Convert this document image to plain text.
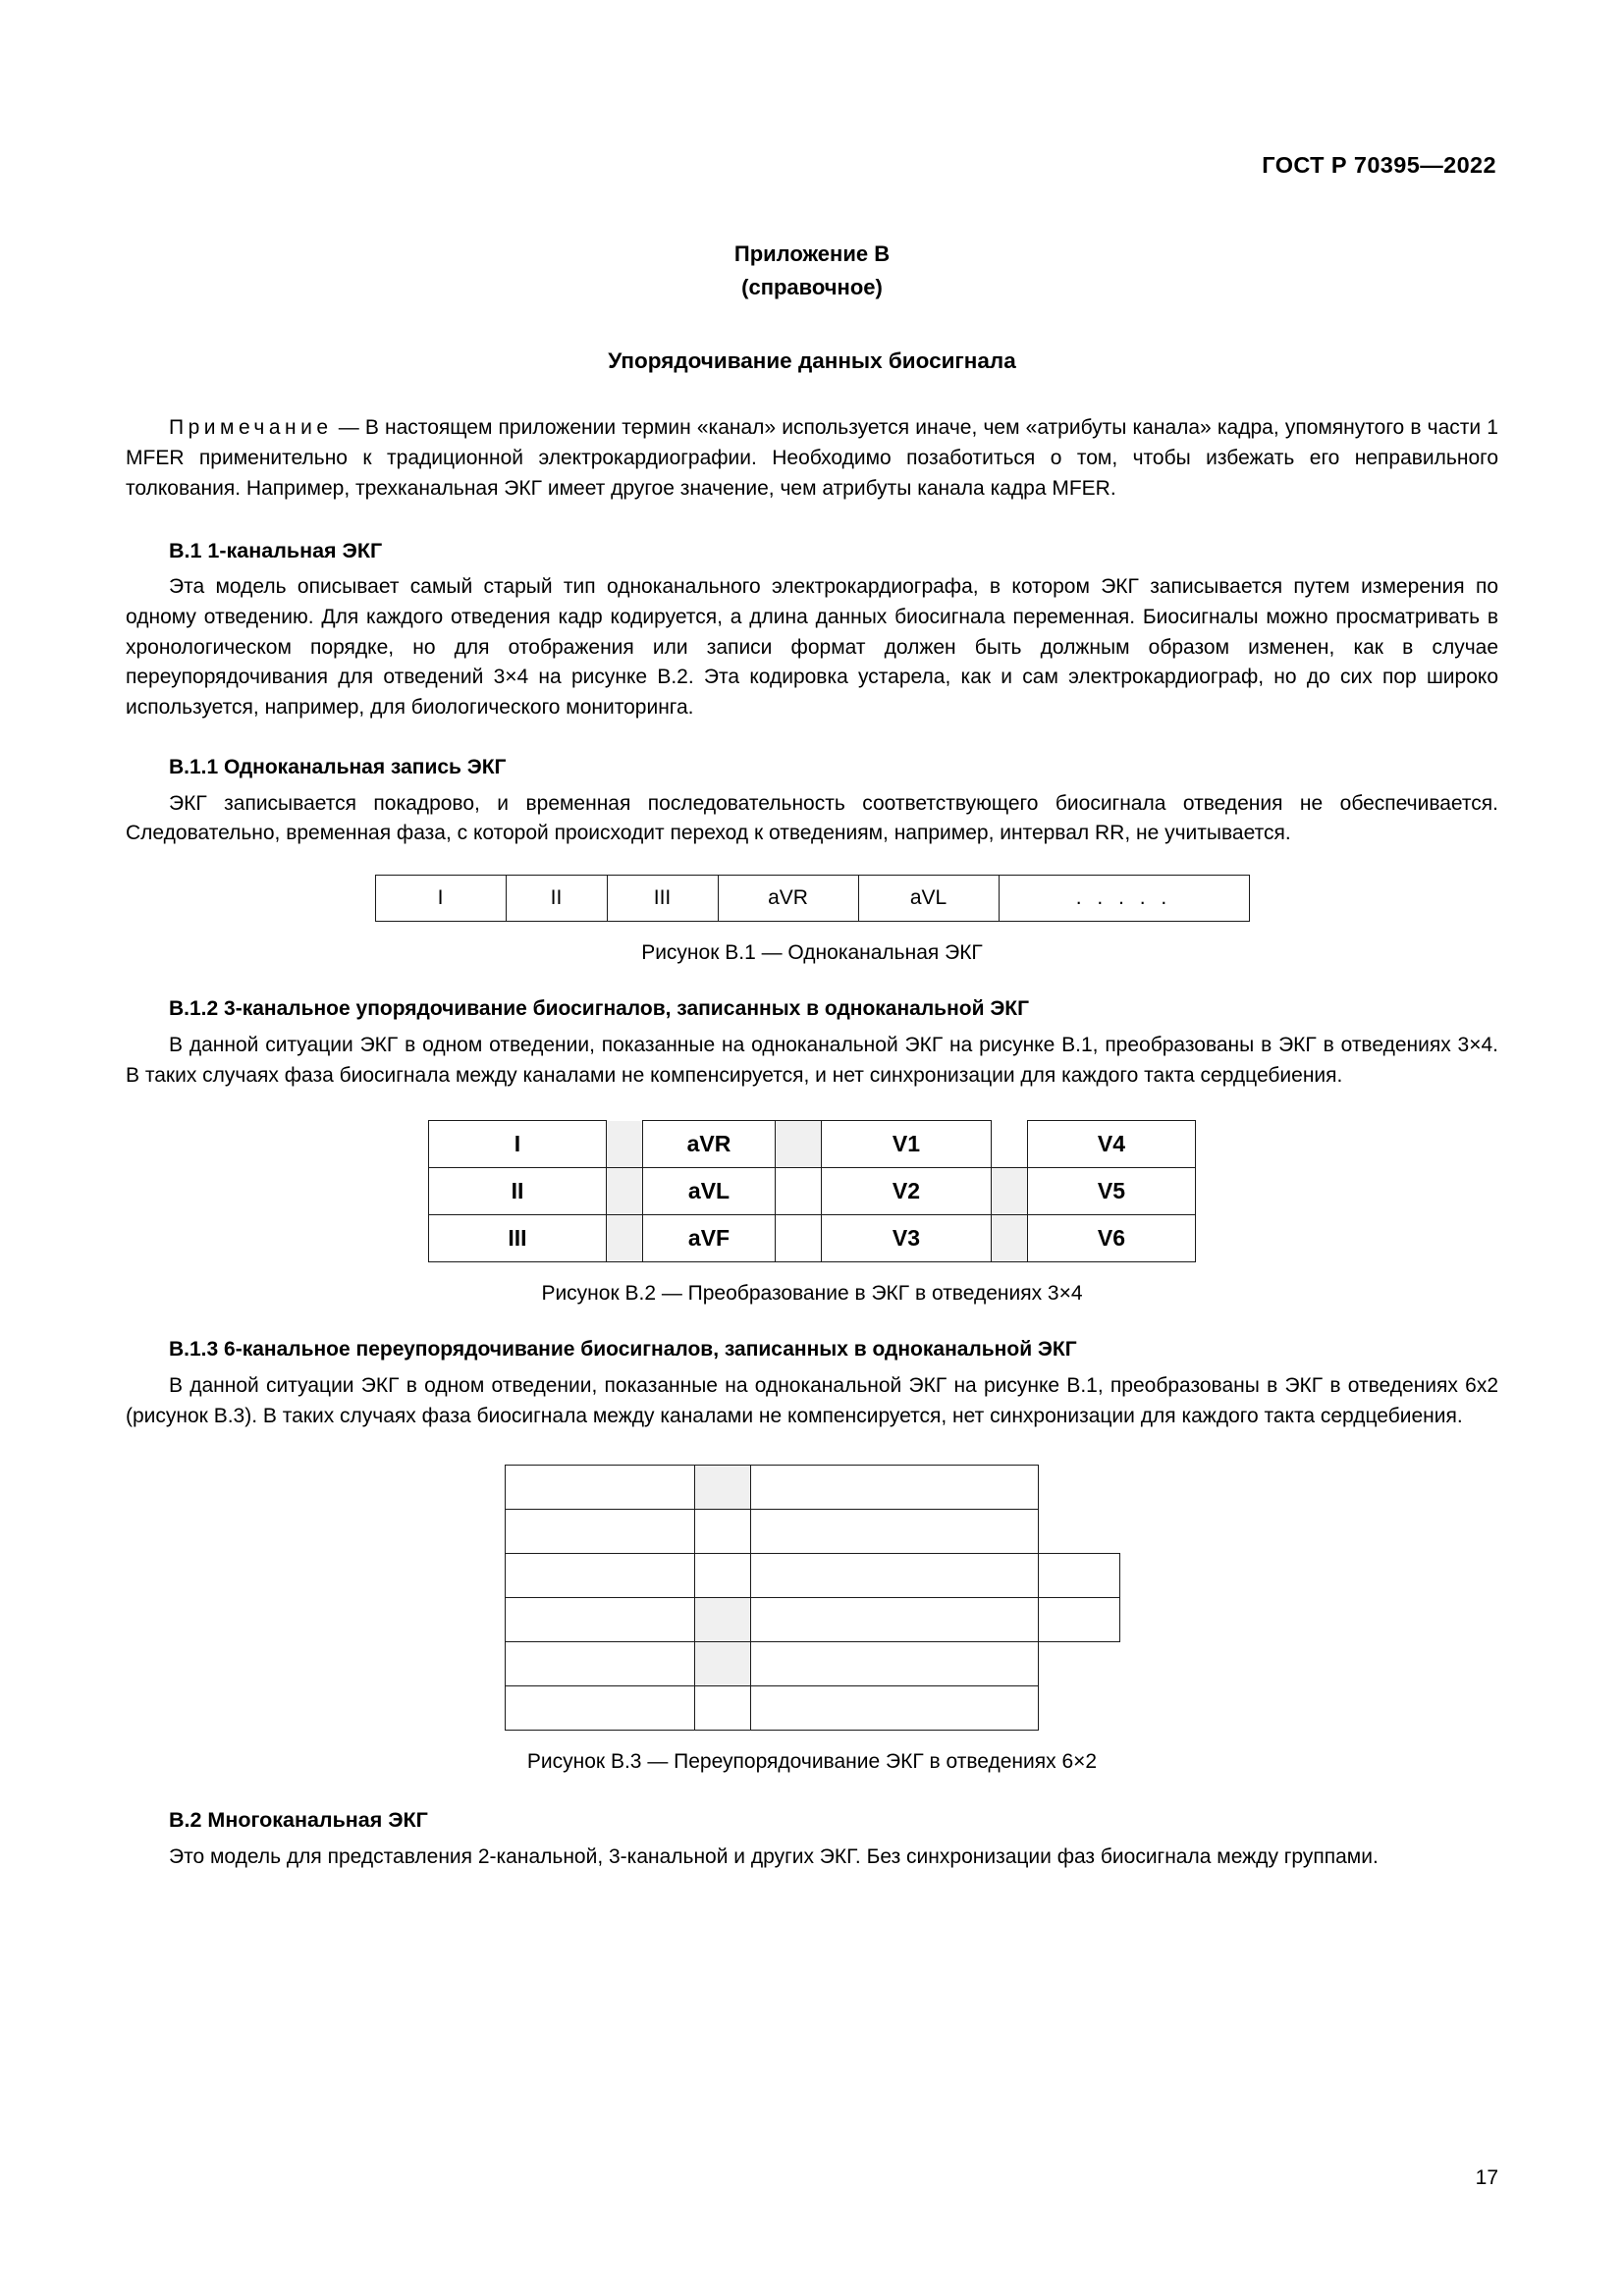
ГОСТ Р 70395—2022
Приложение В
(справочное)
Упорядочивание данных биосигнала

Примечание — В настоящем приложении термин «канал» используется иначе, чем «атрибуты канала» кадра, упомянутого в части 1 MFER применительно к традиционной электрокардиографии. Необходимо позаботиться о том, чтобы избежать его неправильного толкования. Например, трехканальная ЭКГ имеет другое значение, чем атрибуты канала кадра MFER.

В.1 1-канальная ЭКГ

Эта модель описывает самый старый тип одноканального электрокардиографа, в котором ЭКГ записывается путем измерения по одному отведению. Для каждого отведения кадр кодируется, а длина данных биосигнала переменная. Биосигналы можно просматривать в хронологическом порядке, но для отображения или записи формат должен быть должным образом изменен, как в случае переупорядочивания для отведений 3×4 на рисунке В.2. Эта кодировка устарела, как и сам электрокардиограф, но до сих пор широко используется, например, для биологического мониторинга.

В.1.1 Одноканальная запись ЭКГ

ЭКГ записывается покадрово, и временная последовательность соответствующего биосигнала отведения не обеспечивается. Следовательно, временная фаза, с которой происходит переход к отведениям, например, интервал RR, не учитывается.

I	II	III	aVR	aVL	. . . . .
Рисунок В.1 — Одноканальная ЭКГ
В.1.2 3-канальное упорядочивание биосигналов, записанных в одноканальной ЭКГ

В данной ситуации ЭКГ в одном отведении, показанные на одноканальной ЭКГ на рисунке В.1, преобразованы в ЭКГ в отведениях 3×4. В таких случаях фаза биосигнала между каналами не компенсируется, и нет синхронизации для каждого такта сердцебиения.

I		aVR		V1		V4
II		aVL		V2		V5
III		aVF		V3		V6
Рисунок В.2 — Преобразование в ЭКГ в отведениях 3×4
В.1.3 6-канальное переупорядочивание биосигналов, записанных в одноканальной ЭКГ

В данной ситуации ЭКГ в одном отведении, показанные на одноканальной ЭКГ на рисунке В.1, преобразованы в ЭКГ в отведениях 6х2 (рисунок В.3). В таких случаях фаза биосигнала между каналами не компенсируется, нет синхронизации для каждого такта сердцебиения.

Рисунок В.3 — Переупорядочивание ЭКГ в отведениях 6×2
В.2 Многоканальная ЭКГ

Это модель для представления 2-канальной, 3-канальной и других ЭКГ. Без синхронизации фаз биосигнала между группами.

17
